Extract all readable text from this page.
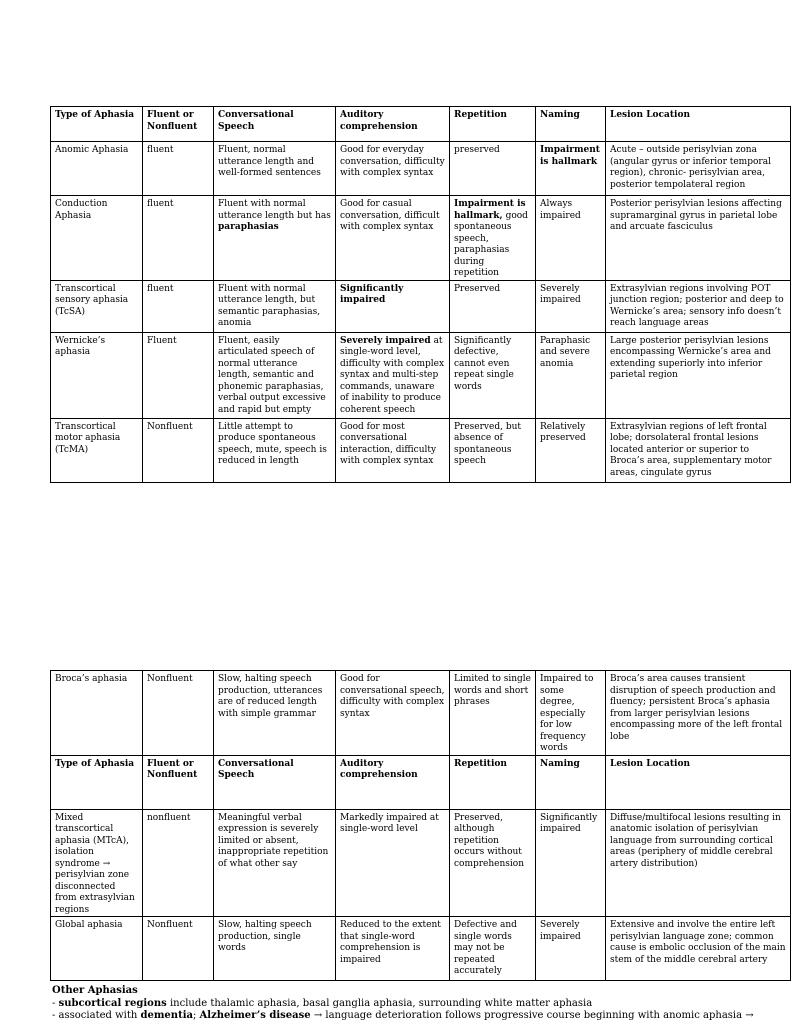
Type of Aphasia	Fluent or Nonfluent	Conversational Speech	Auditory comprehension	Repetition	Naming	Lesion Location
Anomic Aphasia	fluent	Fluent, normal utterance length and well-formed sentences	Good for everyday conversation, difficulty with complex syntax	preserved	Impairment is hallmark	Acute – outside perisylvian zona (angular gyrus or inferior temporal region), chronic- perisylvian area, posterior tempolateral region
Conduction Aphasia	fluent	Fluent with normal utterance length but has paraphasias	Good for casual conversation, difficult with complex syntax	Impairment is hallmark, good spontaneous speech, paraphasias during repetition	Always impaired	Posterior perisylvian lesions affecting supramarginal gyrus in parietal lobe and arcuate fasciculus
Transcortical sensory aphasia (TcSA)	fluent	Fluent with normal utterance length, but semantic paraphasias, anomia	Significantly impaired	Preserved	Severely impaired	Extrasylvian regions involving POT junction region; posterior and deep to Wernicke’s area; sensory info doesn’t reach language areas
Wernicke’s aphasia	Fluent	Fluent, easily articulated speech of normal utterance length, semantic and phonemic paraphasias, verbal output excessive and rapid but empty	Severely impaired at single-word level, difficulty with complex syntax and multi-step commands, unaware of inability to produce coherent speech	Significantly defective, cannot even repeat single words	Paraphasic and severe anomia	Large posterior perisylvian lesions encompassing Wernicke’s area and extending superiorly into inferior parietal region
Transcortical motor aphasia (TcMA)	Nonfluent	Little attempt to produce spontaneous speech, mute, speech is reduced in length	Good for most conversational interaction, difficulty with complex syntax	Preserved, but absence of spontaneous speech	Relatively preserved	Extrasylvian regions of left frontal lobe; dorsolateral frontal lesions located anterior or superior to Broca’s area, supplementary motor areas, cingulate gyrus
Broca’s aphasia	Nonfluent	Slow, halting speech production, utterances are of reduced length with simple grammar	Good for conversational speech, difficulty with complex syntax	Limited to single words and short phrases	Impaired to some degree, especially for low frequency words	Broca’s area causes transient disruption of speech production and fluency; persistent Broca’s aphasia from larger perisylvian lesions encompassing more of the left frontal lobe
Type of Aphasia	Fluent or Nonfluent	Conversational Speech	Auditory comprehension	Repetition	Naming	Lesion Location
Mixed transcortical aphasia (MTcA), isolation syndrome → perisylvian zone disconnected from extrasylvian regions	nonfluent	Meaningful verbal expression is severely limited or absent, inappropriate repetition of what other say	Markedly impaired at single-word level	Preserved, although repetition occurs without comprehension	Significantly impaired	Diffuse/multifocal lesions resulting in anatomic isolation of perisylvian language from surrounding cortical areas (periphery of middle cerebral artery distribution)
Global aphasia	Nonfluent	Slow, halting speech production, single words	Reduced to the extent that single-word comprehension is impaired	Defective and single words may not be repeated accurately	Severely impaired	Extensive and involve the entire left perisylvian language zone; common cause is embolic occlusion of the main stem of the middle cerebral artery
Other Aphasias
- subcortical regions include thalamic aphasia, basal ganglia aphasia, surrounding white matter aphasia
- associated with dementia; Alzheimer’s disease → language deterioration follows progressive course beginning with anomic aphasia →
